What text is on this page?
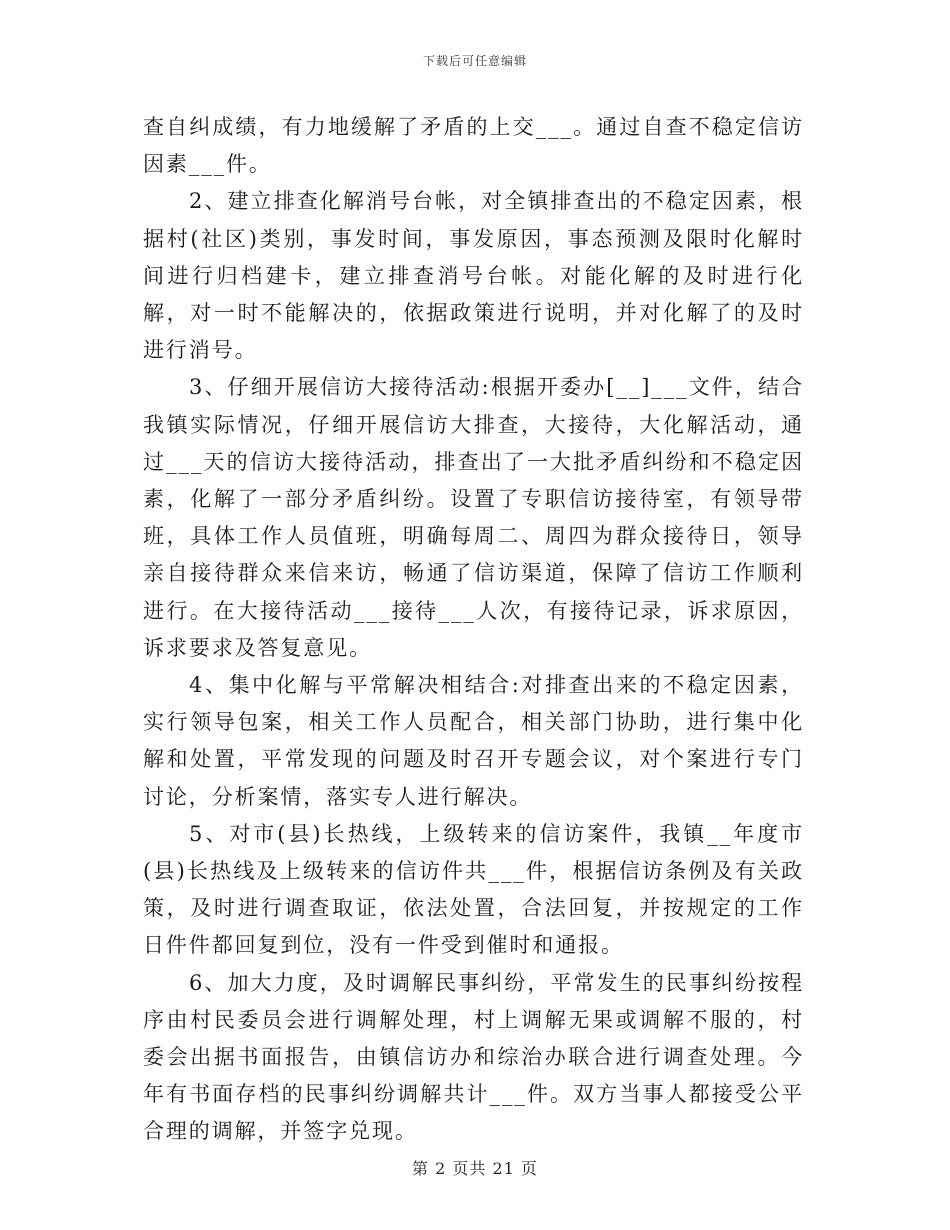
下载后可任意编辑

查自纠成绩，有力地缓解了矛盾的上交___。通过自查不稳定信访因素___件。

2、建立排查化解消号台帐，对全镇排查出的不稳定因素，根据村(社区)类别，事发时间，事发原因，事态预测及限时化解时间进行归档建卡，建立排查消号台帐。对能化解的及时进行化解，对一时不能解决的，依据政策进行说明，并对化解了的及时进行消号。

3、仔细开展信访大接待活动:根据开委办[__]___文件，结合我镇实际情况，仔细开展信访大排查，大接待，大化解活动，通过___天的信访大接待活动，排查出了一大批矛盾纠纷和不稳定因素，化解了一部分矛盾纠纷。设置了专职信访接待室，有领导带班，具体工作人员值班，明确每周二、周四为群众接待日，领导亲自接待群众来信来访，畅通了信访渠道，保障了信访工作顺利进行。在大接待活动___接待___人次，有接待记录，诉求原因，诉求要求及答复意见。

4、集中化解与平常解决相结合:对排查出来的不稳定因素，实行领导包案，相关工作人员配合，相关部门协助，进行集中化解和处置，平常发现的问题及时召开专题会议，对个案进行专门讨论，分析案情，落实专人进行解决。

5、对市(县)长热线，上级转来的信访案件，我镇__年度市(县)长热线及上级转来的信访件共___件，根据信访条例及有关政策，及时进行调查取证，依法处置，合法回复，并按规定的工作日件件都回复到位，没有一件受到催时和通报。

6、加大力度，及时调解民事纠纷，平常发生的民事纠纷按程序由村民委员会进行调解处理，村上调解无果或调解不服的，村委会出据书面报告，由镇信访办和综治办联合进行调查处理。今年有书面存档的民事纠纷调解共计___件。双方当事人都接受公平合理的调解，并签字兑现。

第 2 页共 21 页
